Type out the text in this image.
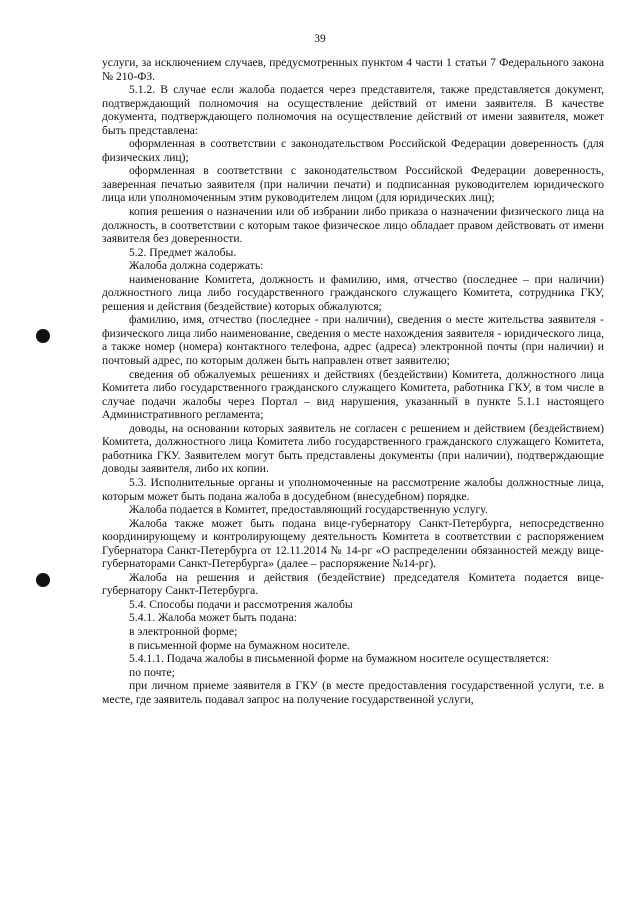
39

услуги, за исключением случаев, предусмотренных пунктом 4 части 1 статьи 7 Федерального закона № 210-ФЗ.

5.1.2. В случае если жалоба подается через представителя, также представляется документ, подтверждающий полномочия на осуществление действий от имени заявителя. В качестве документа, подтверждающего полномочия на осуществление действий от имени заявителя, может быть представлена:

оформленная в соответствии с законодательством Российской Федерации доверенность (для физических лиц);

оформленная в соответствии с законодательством Российской Федерации доверенность, заверенная печатью заявителя (при наличии печати) и подписанная руководителем юридического лица или уполномоченным этим руководителем лицом (для юридических лиц);

копия решения о назначении или об избрании либо приказа о назначении физического лица на должность, в соответствии с которым такое физическое лицо обладает правом действовать от имени заявителя без доверенности.

5.2. Предмет жалобы.

Жалоба должна содержать:

наименование Комитета, должность и фамилию, имя, отчество (последнее – при наличии) должностного лица либо государственного гражданского служащего Комитета, сотрудника ГКУ, решения и действия (бездействие) которых обжалуются;

фамилию, имя, отчество (последнее - при наличии), сведения о месте жительства заявителя - физического лица либо наименование, сведения о месте нахождения заявителя - юридического лица, а также номер (номера) контактного телефона, адрес (адреса) электронной почты (при наличии) и почтовый адрес, по которым должен быть направлен ответ заявителю;

сведения об обжалуемых решениях и действиях (бездействии) Комитета, должностного лица Комитета либо государственного гражданского служащего Комитета, работника ГКУ, в том числе в случае подачи жалобы через Портал – вид нарушения, указанный в пункте 5.1.1 настоящего Административного регламента;

доводы, на основании которых заявитель не согласен с решением и действием (бездействием) Комитета, должностного лица Комитета либо государственного гражданского служащего Комитета, работника ГКУ. Заявителем могут быть представлены документы (при наличии), подтверждающие доводы заявителя, либо их копии.

5.3. Исполнительные органы и уполномоченные на рассмотрение жалобы должностные лица, которым может быть подана жалоба в досудебном (внесудебном) порядке.

Жалоба подается в Комитет, предоставляющий государственную услугу.

Жалоба также может быть подана вице-губернатору Санкт-Петербурга, непосредственно координирующему и контролирующему деятельность Комитета в соответствии с распоряжением Губернатора Санкт-Петербурга от 12.11.2014 № 14-рг «О распределении обязанностей между вице-губернаторами Санкт-Петербурга» (далее – распоряжение №14-рг).

Жалоба на решения и действия (бездействие) председателя Комитета подается вице-губернатору Санкт-Петербурга.

5.4. Способы подачи и рассмотрения жалобы

5.4.1. Жалоба может быть подана:

в электронной форме;

в письменной форме на бумажном носителе.

5.4.1.1. Подача жалобы в письменной форме на бумажном носителе осуществляется:

по почте;

при личном приеме заявителя в ГКУ (в месте предоставления государственной услуги, т.е. в месте, где заявитель подавал запрос на получение государственной услуги,
